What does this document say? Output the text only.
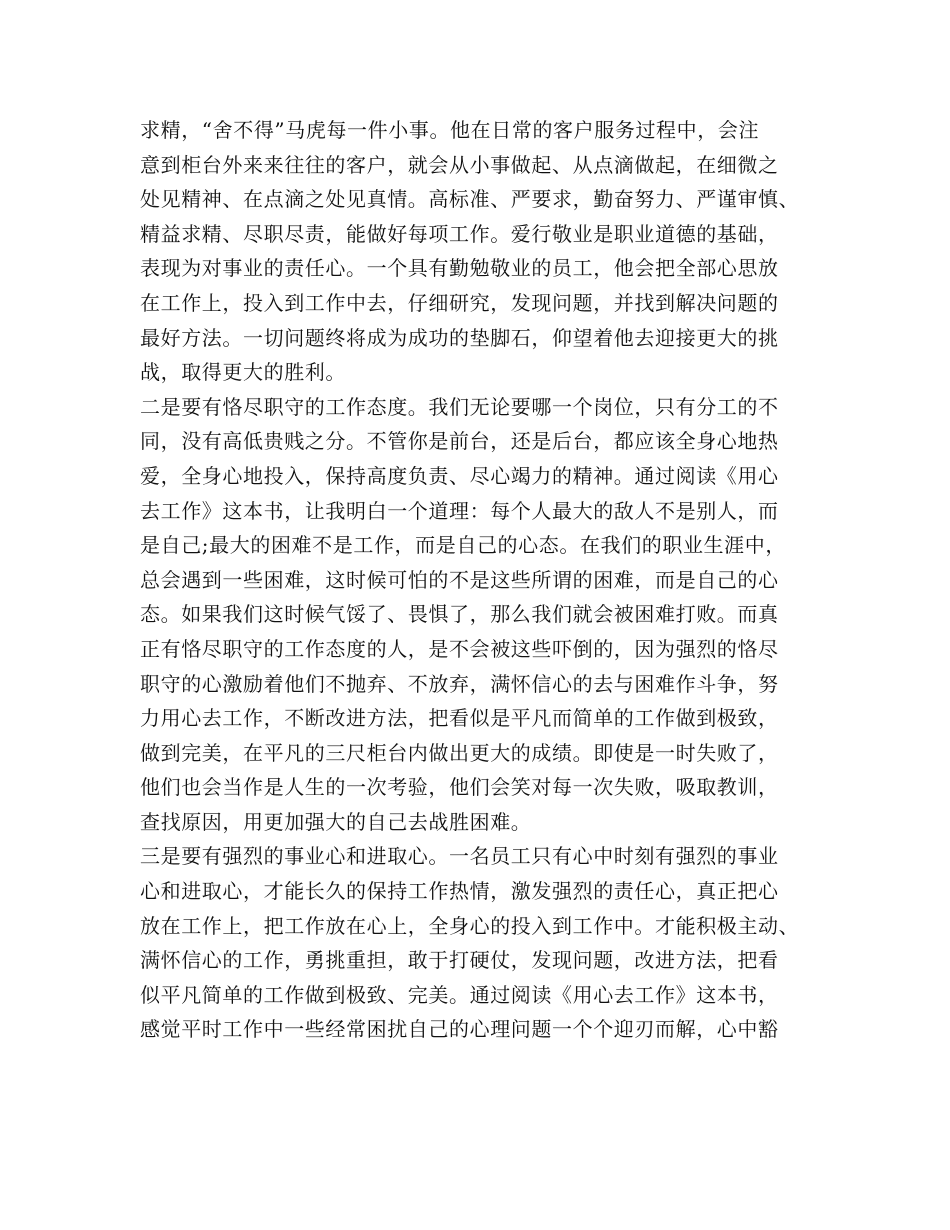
求精，“舍不得”马虎每一件小事。他在日常的客户服务过程中，会注
意到柜台外来来往往的客户，就会从小事做起、从点滴做起，在细微之
处见精神、在点滴之处见真情。高标准、严要求，勤奋努力、严谨审慎、
精益求精、尽职尽责，能做好每项工作。爱行敬业是职业道德的基础，
表现为对事业的责任心。一个具有勤勉敬业的员工，他会把全部心思放
在工作上，投入到工作中去，仔细研究，发现问题，并找到解决问题的
最好方法。一切问题终将成为成功的垫脚石，仰望着他去迎接更大的挑
战，取得更大的胜利。
二是要有恪尽职守的工作态度。我们无论要哪一个岗位，只有分工的不
同，没有高低贵贱之分。不管你是前台，还是后台，都应该全身心地热
爱，全身心地投入，保持高度负责、尽心竭力的精神。通过阅读《用心
去工作》这本书，让我明白一个道理：每个人最大的敌人不是别人，而
是自己;最大的困难不是工作，而是自己的心态。在我们的职业生涯中，
总会遇到一些困难，这时候可怕的不是这些所谓的困难，而是自己的心
态。如果我们这时候气馁了、畏惧了，那么我们就会被困难打败。而真
正有恪尽职守的工作态度的人，是不会被这些吓倒的，因为强烈的恪尽
职守的心激励着他们不抛弃、不放弃，满怀信心的去与困难作斗争，努
力用心去工作，不断改进方法，把看似是平凡而简单的工作做到极致，
做到完美，在平凡的三尺柜台内做出更大的成绩。即使是一时失败了，
他们也会当作是人生的一次考验，他们会笑对每一次失败，吸取教训，
查找原因，用更加强大的自己去战胜困难。
三是要有强烈的事业心和进取心。一名员工只有心中时刻有强烈的事业
心和进取心，才能长久的保持工作热情，激发强烈的责任心，真正把心
放在工作上，把工作放在心上，全身心的投入到工作中。才能积极主动、
满怀信心的工作，勇挑重担，敢于打硬仗，发现问题，改进方法，把看
似平凡简单的工作做到极致、完美。通过阅读《用心去工作》这本书，
感觉平时工作中一些经常困扰自己的心理问题一个个迎刃而解，心中豁
